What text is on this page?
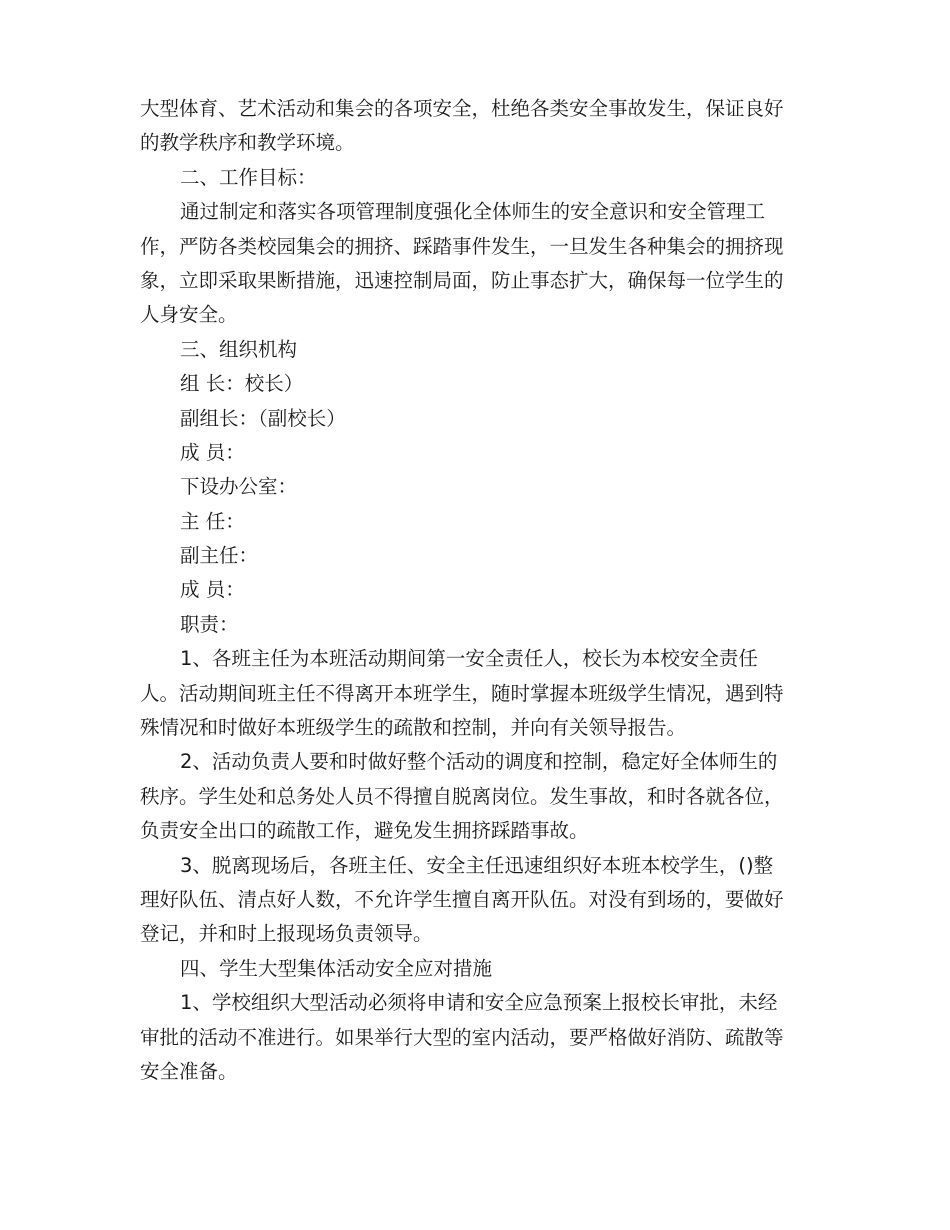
大型体育、艺术活动和集会的各项安全，杜绝各类安全事故发生，保证良好
的教学秩序和教学环境。
二、工作目标：
通过制定和落实各项管理制度强化全体师生的安全意识和安全管理工
作，严防各类校园集会的拥挤、踩踏事件发生，一旦发生各种集会的拥挤现
象，立即采取果断措施，迅速控制局面，防止事态扩大，确保每一位学生的
人身安全。
三、组织机构
组 长：校长）
副组长：（副校长）
成 员：
下设办公室：
主 任：
副主任：
成 员：
职责：
1、各班主任为本班活动期间第一安全责任人，校长为本校安全责任
人。活动期间班主任不得离开本班学生，随时掌握本班级学生情况，遇到特
殊情况和时做好本班级学生的疏散和控制，并向有关领导报告。
2、活动负责人要和时做好整个活动的调度和控制，稳定好全体师生的
秩序。学生处和总务处人员不得擅自脱离岗位。发生事故，和时各就各位，
负责安全出口的疏散工作，避免发生拥挤踩踏事故。
3、脱离现场后，各班主任、安全主任迅速组织好本班本校学生，()整
理好队伍、清点好人数，不允许学生擅自离开队伍。对没有到场的，要做好
登记，并和时上报现场负责领导。
四、学生大型集体活动安全应对措施
1、学校组织大型活动必须将申请和安全应急预案上报校长审批，未经
审批的活动不准进行。如果举行大型的室内活动，要严格做好消防、疏散等
安全准备。
